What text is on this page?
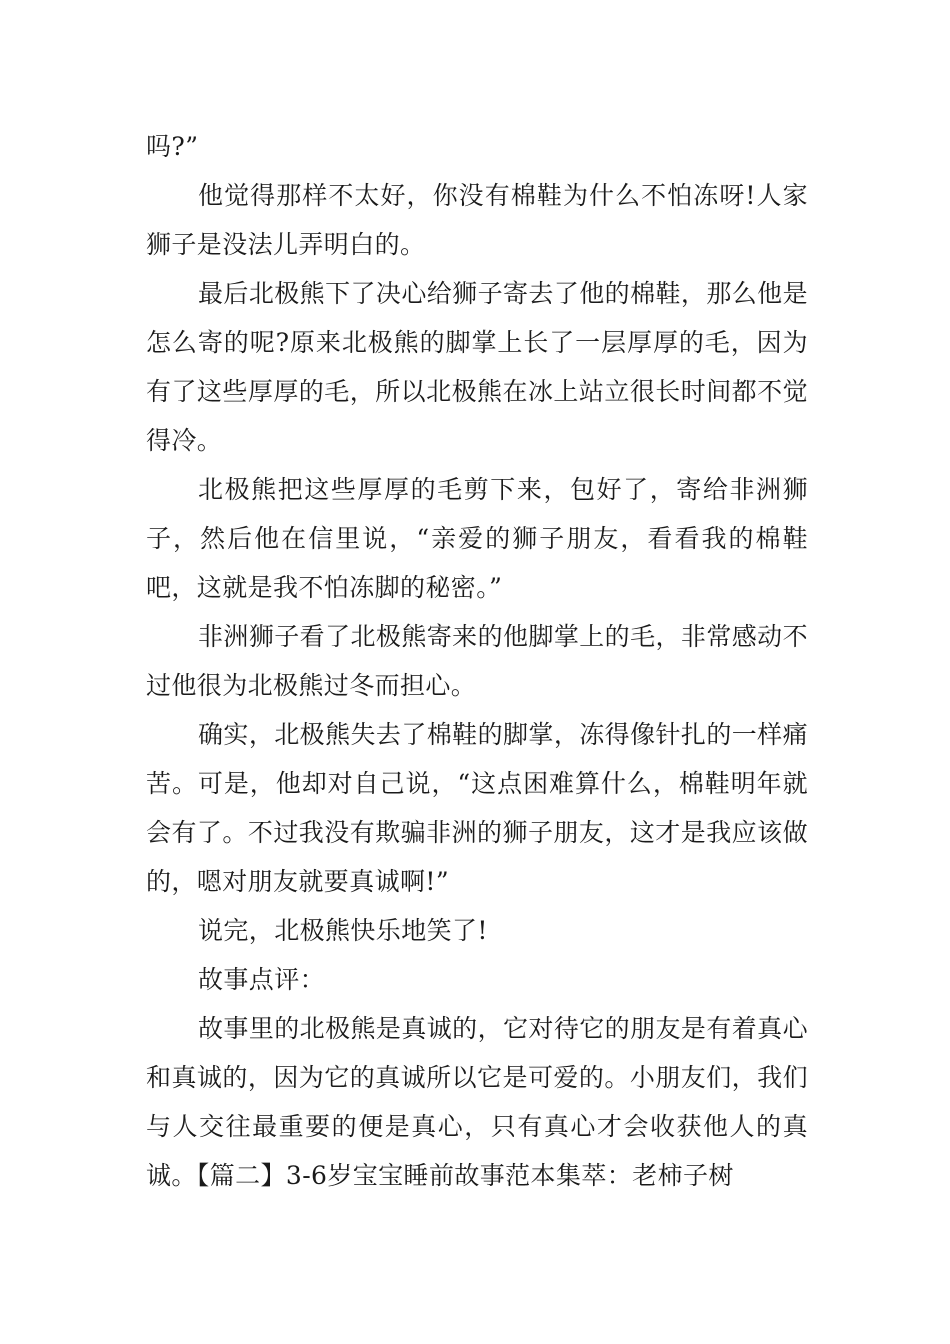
吗?”

他觉得那样不太好，你没有棉鞋为什么不怕冻呀!人家狮子是没法儿弄明白的。

最后北极熊下了决心给狮子寄去了他的棉鞋，那么他是怎么寄的呢?原来北极熊的脚掌上长了一层厚厚的毛，因为有了这些厚厚的毛，所以北极熊在冰上站立很长时间都不觉得冷。

北极熊把这些厚厚的毛剪下来，包好了，寄给非洲狮子，然后他在信里说，“亲爱的狮子朋友，看看我的棉鞋吧，这就是我不怕冻脚的秘密。”

非洲狮子看了北极熊寄来的他脚掌上的毛，非常感动不过他很为北极熊过冬而担心。

确实，北极熊失去了棉鞋的脚掌，冻得像针扎的一样痛苦。可是，他却对自己说，“这点困难算什么，棉鞋明年就会有了。不过我没有欺骗非洲的狮子朋友，这才是我应该做的，嗯对朋友就要真诚啊!”

说完，北极熊快乐地笑了!

故事点评：

故事里的北极熊是真诚的，它对待它的朋友是有着真心和真诚的，因为它的真诚所以它是可爱的。小朋友们，我们与人交往最重要的便是真心，只有真心才会收获他人的真诚。【篇二】3-6岁宝宝睡前故事范本集萃：老柿子树
